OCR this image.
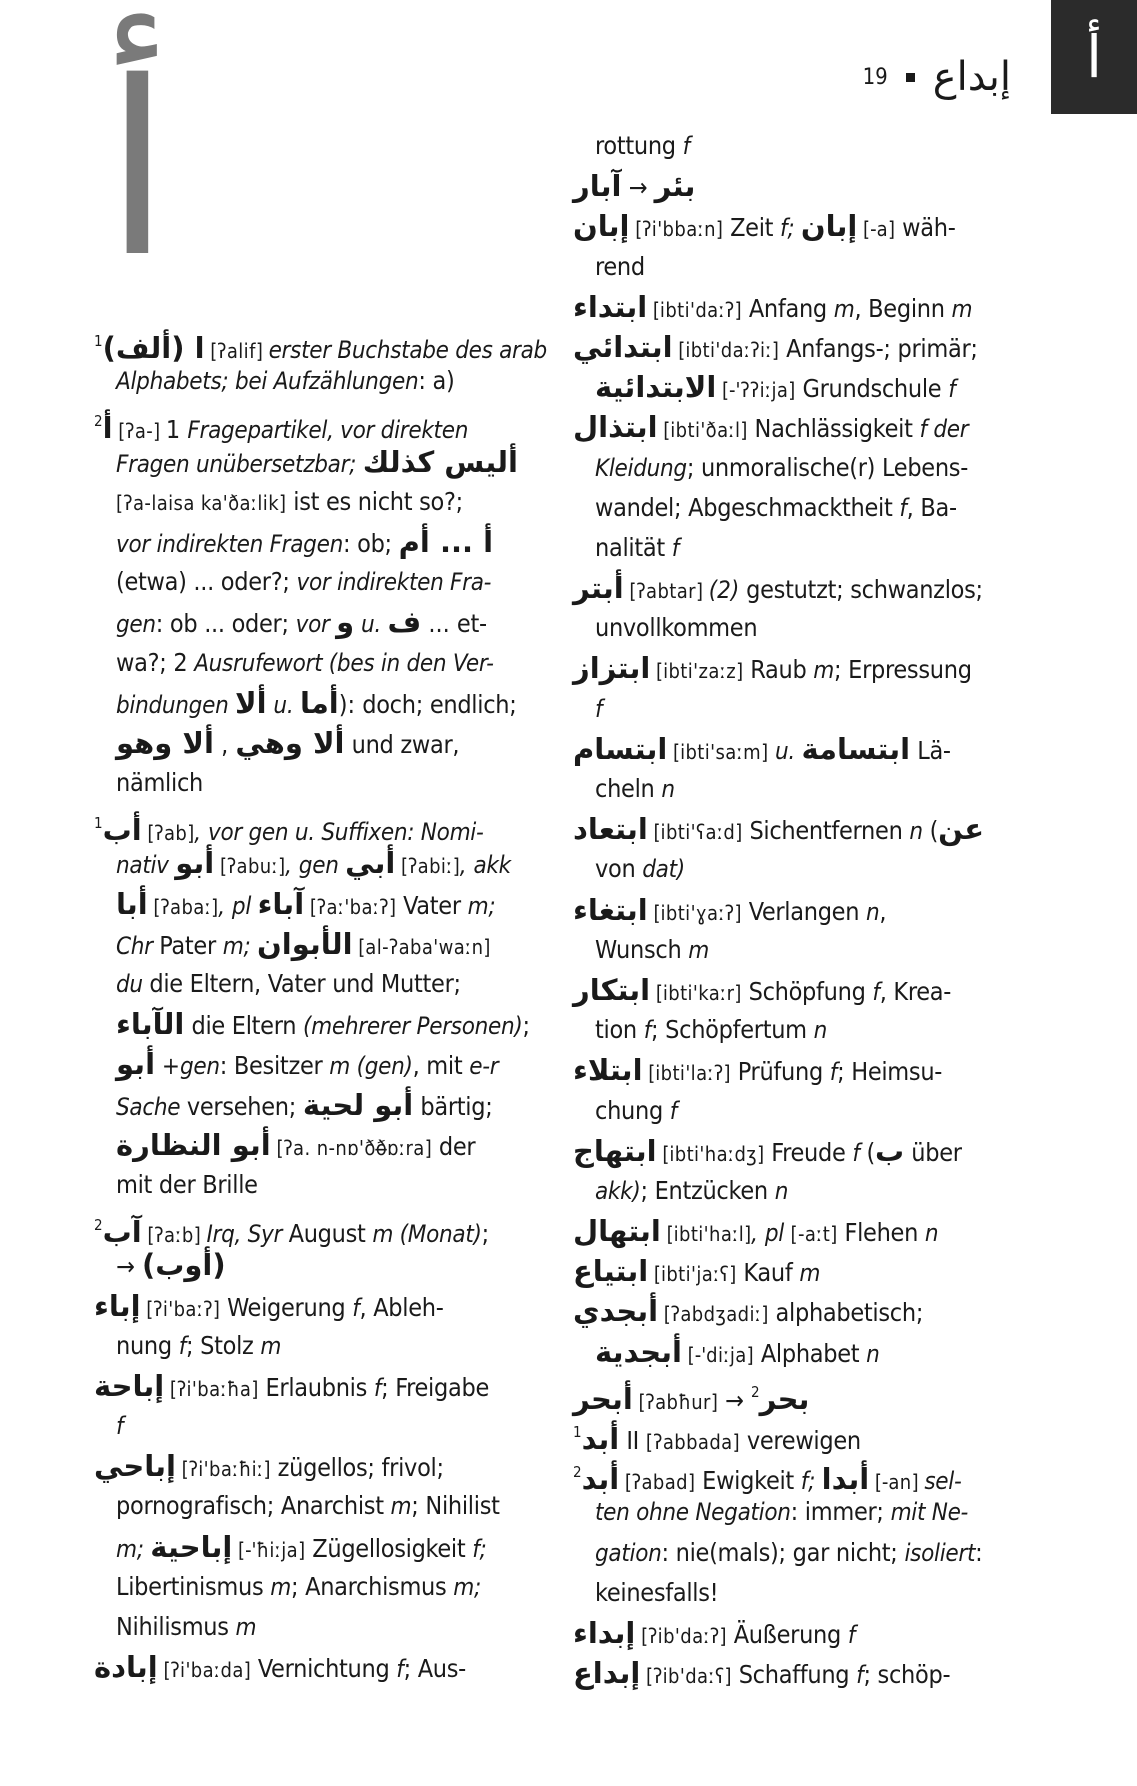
أ
19 إبداع
أ
$^1$(ألف) ا [ʔalif] erster Buchstabe des arab
Alphabets; bei Aufzählungen: a)
$^2$أ [ʔa-] 1 Fragepartikel, vor direkten
Fragen unübersetzbar; أليس كذلك
[ʔa-laisa ka'ðaːlik] ist es nicht so?;
vor indirekten Fragen: ob; أ ... أم
(etwa) ... oder?; vor indirekten Fra-
gen: ob ... oder; vor و u. ف ... et-
wa?; 2 Ausrufewort (bes in den Ver-
bindungen ألا u. أما): doch; endlich;
ألا وهو , ألا وهي und zwar,
nämlich
$^1$أب [ʔab], vor gen u. Suffixen: Nomi-
nativ أبو [ʔabuː], gen أبي [ʔabiː], akk
أبا [ʔabaː], pl آباء [ʔaː'baːʔ] Vater m;
Chr Pater m; الأبوان [al-ʔaba'waːn]
du die Eltern, Vater und Mutter;
الآباء die Eltern (mehrerer Personen);
أبو +gen: Besitzer m (gen), mit e-r
Sache versehen; أبو لحية bärtig;
أبو النظارة [ʔa. n-nɒ'ðð̶ɒːra] der
mit der Brille
$^2$آب [ʔaːb] Irq, Syr August m (Monat);
→ (أوب)
إباء [ʔi'baːʔ] Weigerung f, Ableh-
nung f; Stolz m
إباحة [ʔi'baːħa] Erlaubnis f; Freigabe
f
إباحي [ʔi'baːħiː] zügellos; frivol;
pornografisch; Anarchist m; Nihilist
m; إباحية [-'ħiːja] Zügellosigkeit f;
Libertinismus m; Anarchismus m;
Nihilismus m
إبادة [ʔi'baːda] Vernichtung f; Aus-
rottung f
آبار → بئر
إبان [ʔi'bbaːn] Zeit f; إبان [-a] wäh-
rend
ابتداء [ibti'daːʔ] Anfang m, Beginn m
ابتدائي [ibti'daːʔiː] Anfangs-; primär;
الابتدائية [-'ʔʔiːja] Grundschule f
ابتذال [ibti'ðaːl] Nachlässigkeit f der
Kleidung; unmoralische(r) Lebens-
wandel; Abgeschmacktheit f, Ba-
nalität f
أبتر [ʔabtar] (2) gestutzt; schwanzlos;
unvollkommen
ابتزاز [ibti'zaːz] Raub m; Erpressung
f
ابتسام [ibti'saːm] u. ابتسامة Lä-
cheln n
ابتعاد [ibti'ʕaːd] Sichentfernen n (عن
von dat)
ابتغاء [ibti'ɣaːʔ] Verlangen n,
Wunsch m
ابتكار [ibti'kaːr] Schöpfung f, Krea-
tion f; Schöpfertum n
ابتلاء [ibti'laːʔ] Prüfung f; Heimsu-
chung f
ابتهاج [ibti'haːdʒ] Freude f (ب über
akk); Entzücken n
ابتهال [ibti'haːl], pl [-aːt] Flehen n
ابتياع [ibti'jaːʕ] Kauf m
أبجدي [ʔabdʒadiː] alphabetisch;
أبجدية [-'diːja] Alphabet n
أبحر [ʔabħur] → $^2$بحر
$^1$أبد II [ʔabbada] verewigen
$^2$أبد [ʔabad] Ewigkeit f; أبدا [-an] sel-
ten ohne Negation: immer; mit Ne-
gation: nie(mals); gar nicht; isoliert:
keinesfalls!
إبداء [ʔib'daːʔ] Äußerung f
إبداع [ʔib'daːʕ] Schaffung f; schöp-
